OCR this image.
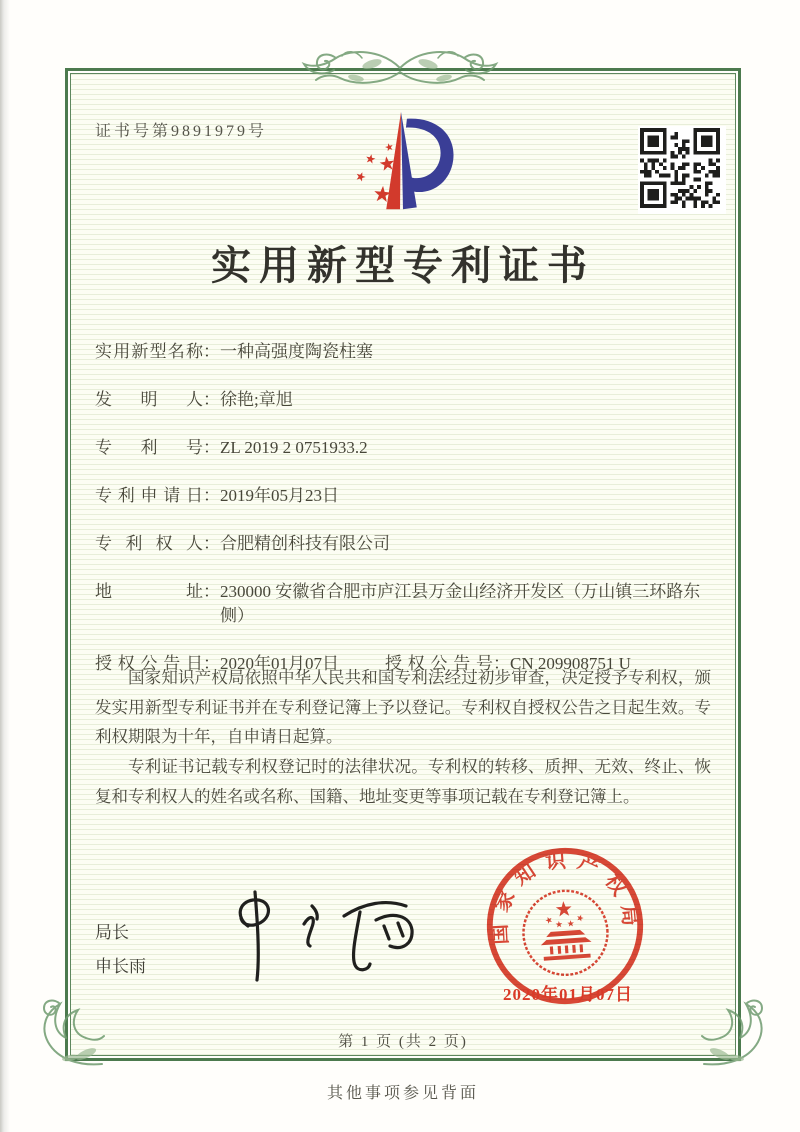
证书号第9891979号
实用新型专利证书
实用新型名称 ： 一种高强度陶瓷柱塞
发明人 ： 徐艳;章旭
专利号 ： ZL 2019 2 0751933.2
专利申请日 ： 2019年05月23日
专利权人 ： 合肥精创科技有限公司
地址 ： 230000 安徽省合肥市庐江县万金山经济开发区（万山镇三环路东侧）
授权公告日 ： 2020年01月07日	授权公告号 ： CN 209908751 U

国家知识产权局依照中华人民共和国专利法经过初步审查，决定授予专利权，颁发实用新型专利证书并在专利登记簿上予以登记。专利权自授权公告之日起生效。专利权期限为十年，自申请日起算。

专利证书记载专利权登记时的法律状况。专利权的转移、质押、无效、终止、恢复和专利权人的姓名或名称、国籍、地址变更等事项记载在专利登记簿上。

局长
申长雨
国家知识产权局
2020年01月07日
第 1 页 (共 2 页)
其他事项参见背面
